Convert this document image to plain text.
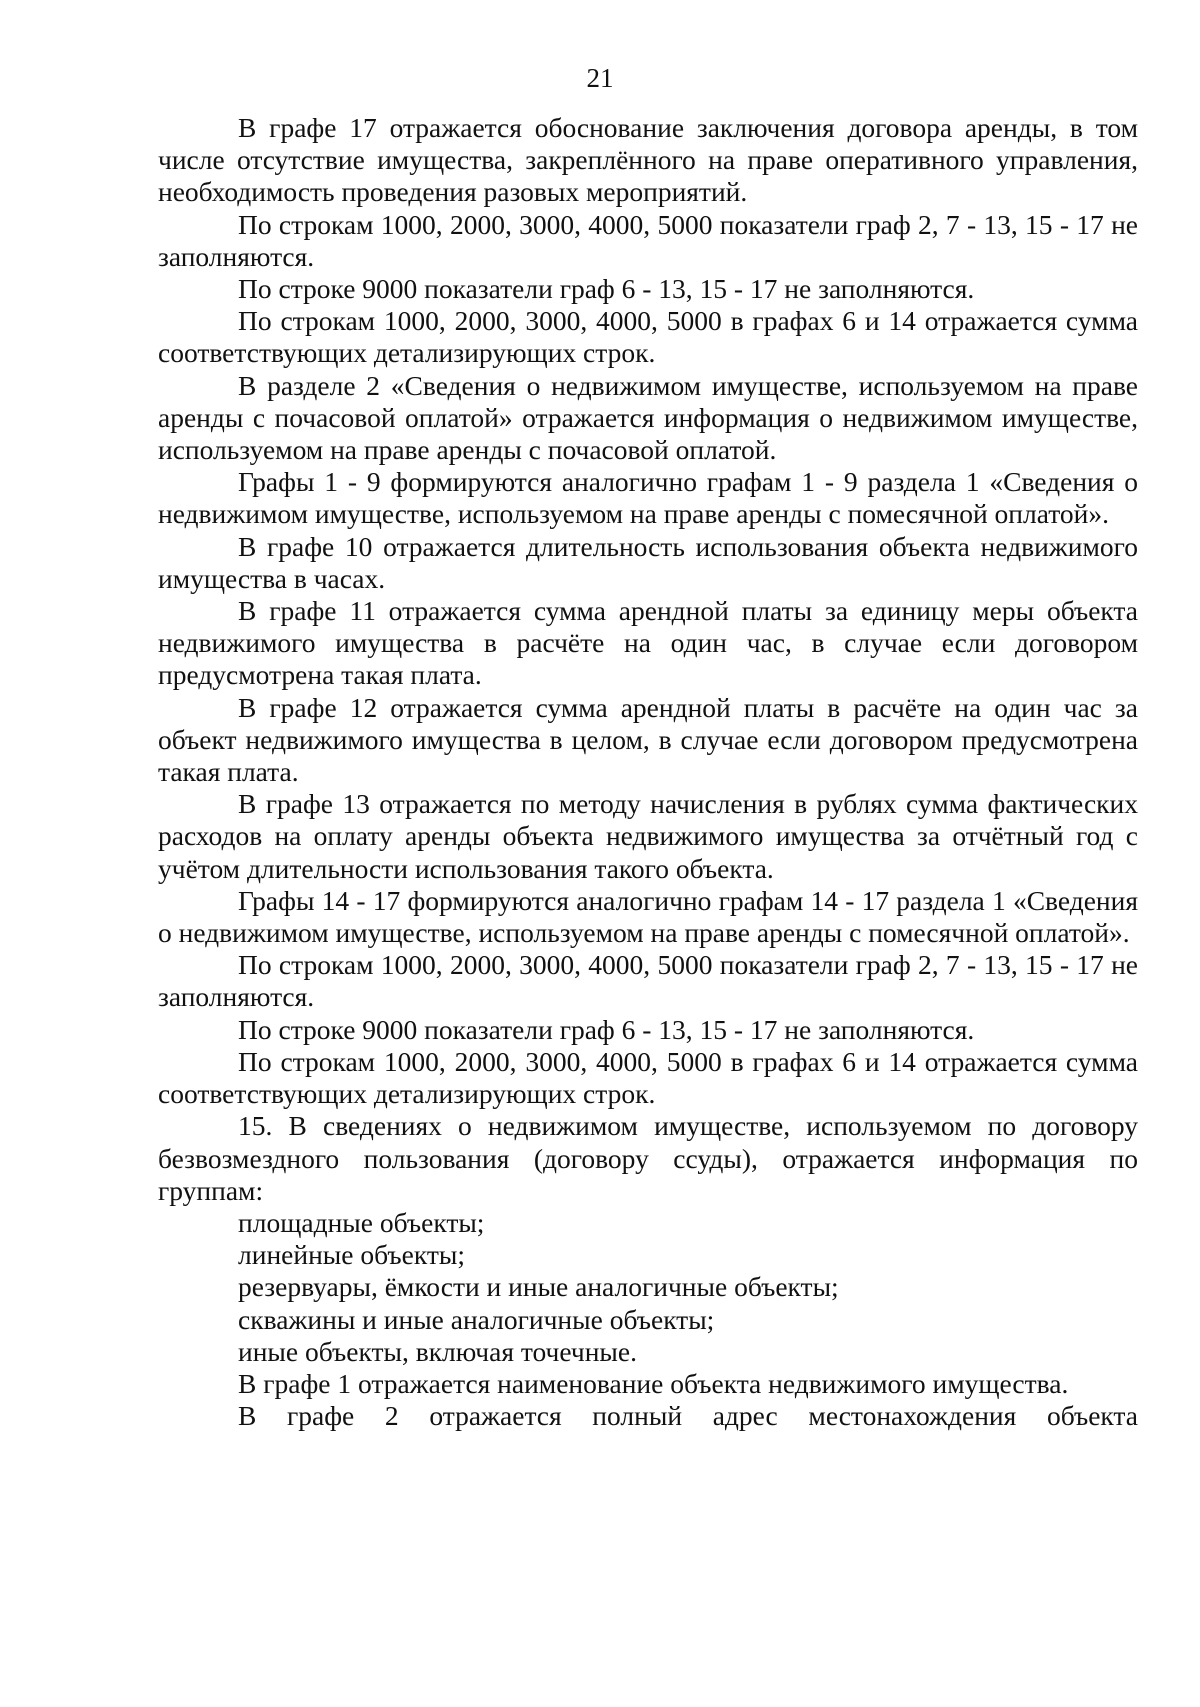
21

В графе 17 отражается обоснование заключения договора аренды, в том числе отсутствие имущества, закреплённого на праве оперативного управления, необходимость проведения разовых мероприятий.

По строкам 1000, 2000, 3000, 4000, 5000 показатели граф 2, 7 - 13, 15 - 17 не заполняются.

По строке 9000 показатели граф 6 - 13, 15 - 17 не заполняются.

По строкам 1000, 2000, 3000, 4000, 5000 в графах 6 и 14 отражается сумма соответствующих детализирующих строк.

В разделе 2 «Сведения о недвижимом имуществе, используемом на праве аренды с почасовой оплатой» отражается информация о недвижимом имуществе, используемом на праве аренды с почасовой оплатой.

Графы 1 - 9 формируются аналогично графам 1 - 9 раздела 1 «Сведения о недвижимом имуществе, используемом на праве аренды с помесячной оплатой».

В графе 10 отражается длительность использования объекта недвижимого имущества в часах.

В графе 11 отражается сумма арендной платы за единицу меры объекта недвижимого имущества в расчёте на один час, в случае если договором предусмотрена такая плата.

В графе 12 отражается сумма арендной платы в расчёте на один час за объект недвижимого имущества в целом, в случае если договором предусмотрена такая плата.

В графе 13 отражается по методу начисления в рублях сумма фактических расходов на оплату аренды объекта недвижимого имущества за отчётный год с учётом длительности использования такого объекта.

Графы 14 - 17 формируются аналогично графам 14 - 17 раздела 1 «Сведения о недвижимом имуществе, используемом на праве аренды с помесячной оплатой».

По строкам 1000, 2000, 3000, 4000, 5000 показатели граф 2, 7 - 13, 15 - 17 не заполняются.

По строке 9000 показатели граф 6 - 13, 15 - 17 не заполняются.

По строкам 1000, 2000, 3000, 4000, 5000 в графах 6 и 14 отражается сумма соответствующих детализирующих строк.

15. В сведениях о недвижимом имуществе, используемом по договору безвозмездного пользования (договору ссуды), отражается информация по группам:

площадные объекты;

линейные объекты;

резервуары, ёмкости и иные аналогичные объекты;

скважины и иные аналогичные объекты;

иные объекты, включая точечные.

В графе 1 отражается наименование объекта недвижимого имущества.

В графе 2 отражается полный адрес местонахождения объекта
